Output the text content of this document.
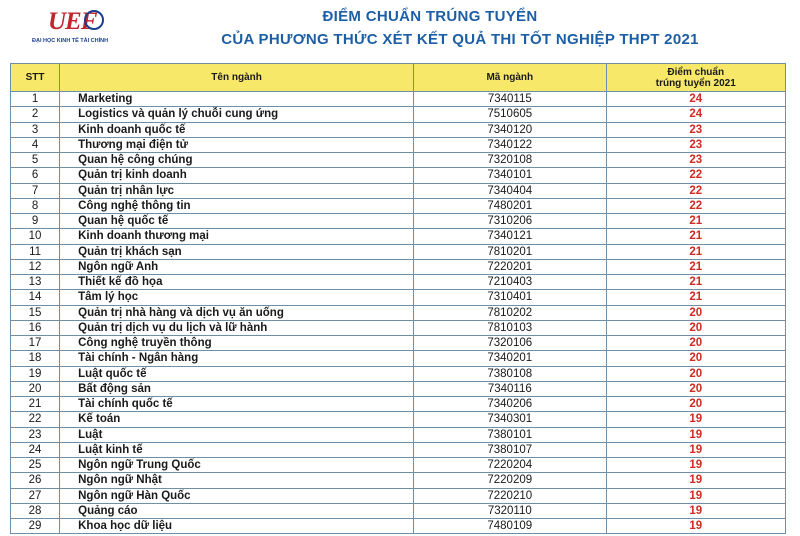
UEF
ĐẠI HỌC KINH TẾ TÀI CHÍNH
ĐIỂM CHUẨN TRÚNG TUYỂN
CỦA PHƯƠNG THỨC XÉT KẾT QUẢ THI TỐT NGHIỆP THPT 2021
STT	Tên ngành	Mã ngành	Điểm chuẩn
trúng tuyển 2021
1	Marketing	7340115	24
2	Logistics và quản lý chuỗi cung ứng	7510605	24
3	Kinh doanh quốc tế	7340120	23
4	Thương mại điện tử	7340122	23
5	Quan hệ công chúng	7320108	23
6	Quản trị kinh doanh	7340101	22
7	Quản trị nhân lực	7340404	22
8	Công nghệ thông tin	7480201	22
9	Quan hệ quốc tế	7310206	21
10	Kinh doanh thương mại	7340121	21
11	Quản trị khách sạn	7810201	21
12	Ngôn ngữ Anh	7220201	21
13	Thiết kế đồ họa	7210403	21
14	Tâm lý học	7310401	21
15	Quản trị nhà hàng và dịch vụ ăn uống	7810202	20
16	Quản trị dịch vụ du lịch và lữ hành	7810103	20
17	Công nghệ truyền thông	7320106	20
18	Tài chính - Ngân hàng	7340201	20
19	Luật quốc tế	7380108	20
20	Bất động sản	7340116	20
21	Tài chính quốc tế	7340206	20
22	Kế toán	7340301	19
23	Luật	7380101	19
24	Luật kinh tế	7380107	19
25	Ngôn ngữ Trung Quốc	7220204	19
26	Ngôn ngữ Nhật	7220209	19
27	Ngôn ngữ Hàn Quốc	7220210	19
28	Quảng cáo	7320110	19
29	Khoa học dữ liệu	7480109	19
